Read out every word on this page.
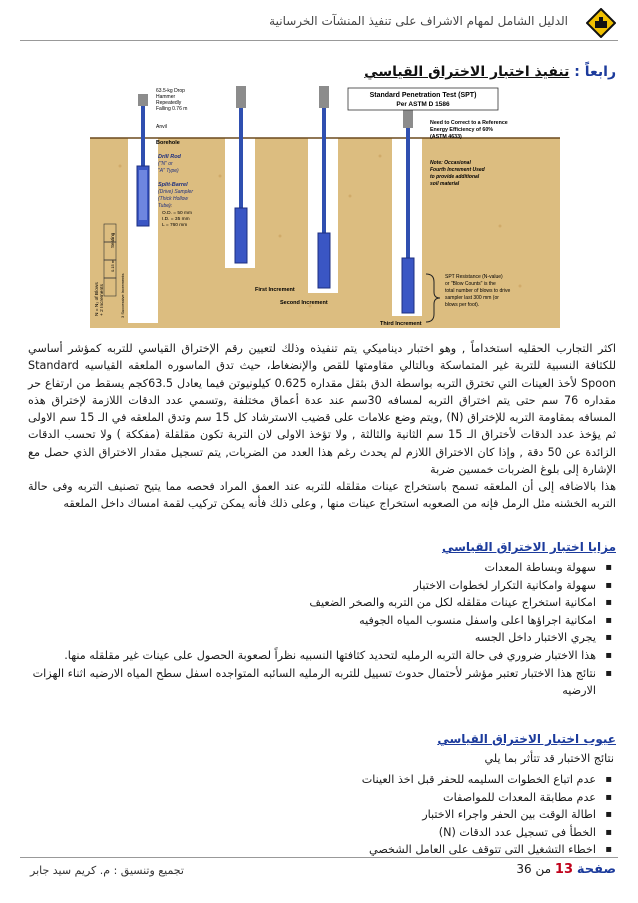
الدليل الشامل لمهام الاشراف على تنفيذ المنشآت الخرسانية
رابعاً : تنفيذ اختبار الاختراق القياسي
Standard Penetration Test (SPT)
Per ASTM D 1586
63.5-kg Drop
Hammer
Repeatedly
Falling 0.76 m
Anvil
Borehole
Drill Rod
("N" or
"A" Type)
Split-Barrel
(Drive) Sampler
(Thick Hollow
Tube):
O.D. = 50 mm
I.D. = 35 mm
L = 760 mm
N = N₂ of Blows + 2 Increments
Seating
0.15 m
3 Successive Increments
Need to Correct to a Reference
Energy Efficiency of 60%
(ASTM 4633)
Note: Occasional
Fourth Increment Used
to provide additional
soil material
First Increment
Second Increment
Third Increment
SPT Resistance (N-value)
or "Blow Counts" is the
total number of blows to drive
sampler last 300 mm (or
blows per foot).
اكثر التجارب الحقليه استخداماً , وهو اختبار ديناميكي يتم تنفيذه وذلك لتعيين رقم الإختراق القياسي للتربه كمؤشر أساسي للكثافة النسبية للتربة غير المتماسكة وبالتالي مقاومتها للقص والإنضغاط، حيث تدق الماسوره الملعقه القياسيه Standard Spoon لأخذ العينات التي تخترق التربه بواسطة الدق بثقل مقداره 0.625 كيلونيوتن فيما يعادل 63.5كجم يسقط من ارتفاع حر مقداره 76 سم حتى يتم اختراق التربه لمسافه 30سم عند عدة أعماق مختلفة ,وتسمي عدد الدقات اللازمة لإختراق هذه المسافه بمقاومة التربه للإختراق (N) ,ويتم وضع علامات على قضيب الاسترشاد كل 15 سم وتدق الملعقه في الـ 15 سم الاولى ثم يؤخذ عدد الدقات لأختراق الـ 15 سم الثانية والثالثة , ولا تؤخذ الاولى لان التربة تكون مقلقلة (مفككة ) ولا تحسب الدقات الزائدة عن 50 دقة , وإذا كان الاختراق اللازم لم يحدث رغم هذا العدد من الضربات, يتم تسجيل مقدار الاختراق الذي حصل مع الإشارة إلى بلوغ الضربات خمسين ضربة
هذا بالاضافه إلى أن الملعقه تسمح باستخراج عينات مقلقله للتربه عند العمق المراد فحصه مما يتيح تصنيف التربه وفى حالة التربه الخشنه مثل الرمل فإنه من الصعوبه استخراج عينات منها , وعلى ذلك فأنه يمكن تركيب لقمة امساك داخل الملعقه
مزايا اختبار الاختراق القياسي
▪ سهولة وبساطة المعدات
▪ سهولة وامكانية التكرار لخطوات الاختبار
▪ امكانية استخراج عينات مقلقله لكل من التربه والصخر الضعيف
▪ امكانية اجراؤها اعلى واسفل منسوب المياه الجوفيه
▪ يجري الاختبار داخل الجسه
▪ هذا الاختبار ضروري فى حالة التربه الرمليه لتحديد كثافتها النسبيه نظراً لصعوبة الحصول على عينات غير مقلقله منها.
▪ نتائج هذا الاختبار تعتبر مؤشر لأحتمال حدوث تسييل للتربه الرمليه السائبه المتواجده اسفل سطح المياه الارضيه اثناء الهزات الارضيه
عيوب اختبار الاختراق القياسي
نتائج الاختبار قد تتأثر بما يلي
▪ عدم اتباع الخطوات السليمه للحفر قبل اخذ العينات
▪ عدم مطابقة المعدات للمواصفات
▪ اطالة الوقت بين الحفر واجراء الاختبار
▪ الخطأ فى تسجيل عدد الدقات (N)
▪ اخطاء التشغيل التى تتوقف على العامل الشخصي
صفحة 13 من 36
تجميع وتنسيق : م. كريم سيد جابر
